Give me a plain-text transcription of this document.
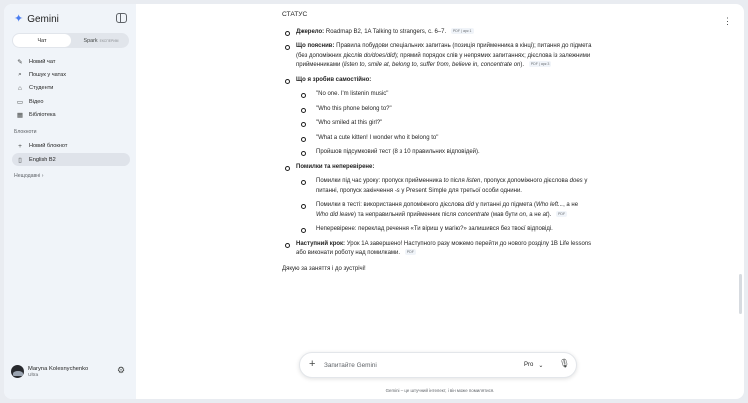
✦ Gemini
Чат	Spark ЕКСПЕРИМ
✎ Новий чат
⌕	Пошук у чатах
⌂	Студенти
▭ Відео
▦ Бібліотека
Блокноти
+	Новий блокнот
▯	English B2
Нещодавні ›
Maryna Kolesnychenko
Ultra
⚙
⋮
СТАТУС
Джерело: Roadmap B2, 1A Talking to strangers, с. 6–7. PDF | арк 1
Що пояснив: Правила побудови спеціальних запитань (позиція прийменника в кінці); питання до підмета (без допоміжних дієслів do/does/did); прямий порядок слів у непрямих запитаннях; дієслова із залежними прийменниками (listen to, smile at, belong to, suffer from, believe in, concentrate on). PDF | арк 3
Що я зробив самостійно:
"No one. I'm listenin music"
"Who this phone belong to?"
"Who smiled at this girl?"
"What a cute kitten! I wonder who it belong to"
Пройшов підсумковий тест (8 з 10 правильних відповідей).
Помилки та неперевірене:
Помилки під час уроку: пропуск прийменника to після listen, пропуск допоміжного дієслова does у питанні, пропуск закінчення -s у Present Simple для третьої особи однини.
Помилки в тесті: використання допоміжного дієслова did у питанні до підмета (Who left..., а не Who did leave) та неправильний прийменник після concentrate (мав бути on, а не at). PDF
Неперевірене: переклад речення «Ти віриш у магію?» залишився без твоєї відповіді.
Наступний крок: Урок 1A завершено! Наступного разу можемо перейти до нового розділу 1B Life lessons або виконати роботу над помилками. PDF
Дякую за заняття і до зустрічі!
+ Запитайте Gemini	Pro ⌄ 🎙
Gemini – це штучний інтелект, і він може помилятися.
